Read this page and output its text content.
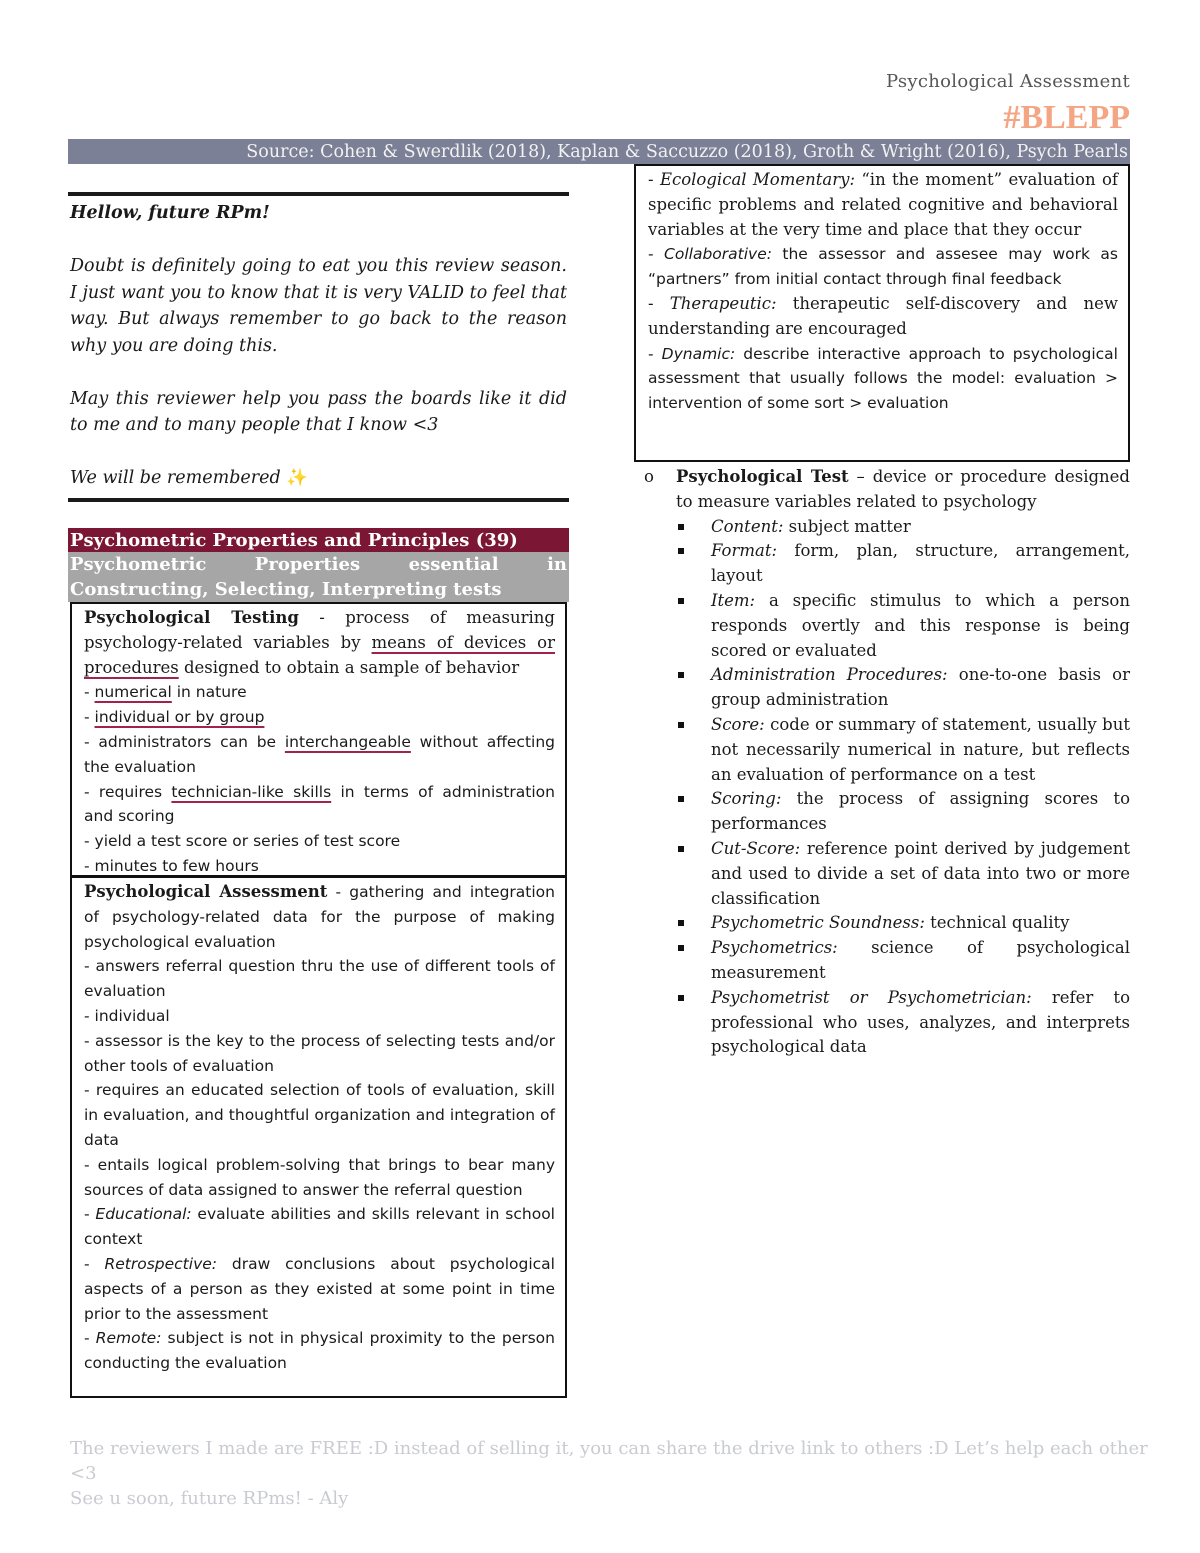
Psychological Assessment
#BLEPP
Source: Cohen & Swerdlik (2018), Kaplan & Saccuzzo (2018), Groth & Wright (2016), Psych Pearls

Hellow, future RPm!

Doubt is definitely going to eat you this review season. I just want you to know that it is very VALID to feel that way. But always remember to go back to the reason why you are doing this.

May this reviewer help you pass the boards like it did to me and to many people that I know <3

We will be remembered ✨

Psychometric Properties and Principles (39)
Psychometric Properties essential in Constructing, Selecting, Interpreting tests
Psychological Testing - process of measuring psychology-related variables by means of devices or procedures designed to obtain a sample of behavior
- numerical in nature
- individual or by group
- administrators can be interchangeable without affecting the evaluation
- requires technician-like skills in terms of administration and scoring
- yield a test score or series of test score
- minutes to few hours
Psychological Assessment - gathering and integration of psychology-related data for the purpose of making psychological evaluation
- answers referral question thru the use of different tools of evaluation
- individual
- assessor is the key to the process of selecting tests and/or other tools of evaluation
- requires an educated selection of tools of evaluation, skill in evaluation, and thoughtful organization and integration of data
- entails logical problem-solving that brings to bear many sources of data assigned to answer the referral question
- Educational: evaluate abilities and skills relevant in school context
- Retrospective: draw conclusions about psychological aspects of a person as they existed at some point in time prior to the assessment
- Remote: subject is not in physical proximity to the person conducting the evaluation
- Ecological Momentary: “in the moment” evaluation of specific problems and related cognitive and behavioral variables at the very time and place that they occur
- Collaborative: the assessor and assesee may work as “partners” from initial contact through final feedback
- Therapeutic: therapeutic self-discovery and new understanding are encouraged
- Dynamic: describe interactive approach to psychological assessment that usually follows the model: evaluation > intervention of some sort > evaluation
o Psychological Test – device or procedure designed to measure variables related to psychology
Content: subject matter
Format: form, plan, structure, arrangement, layout
Item: a specific stimulus to which a person responds overtly and this response is being scored or evaluated
Administration Procedures: one-to-one basis or group administration
Score: code or summary of statement, usually but not necessarily numerical in nature, but reflects an evaluation of performance on a test
Scoring: the process of assigning scores to performances
Cut-Score: reference point derived by judgement and used to divide a set of data into two or more classification
Psychometric Soundness: technical quality
Psychometrics: science of psychological measurement
Psychometrist or Psychometrician: refer to professional who uses, analyzes, and interprets psychological data
The reviewers I made are FREE :D instead of selling it, you can share the drive link to others :D Let’s help each other <3
See u soon, future RPms! - Aly
